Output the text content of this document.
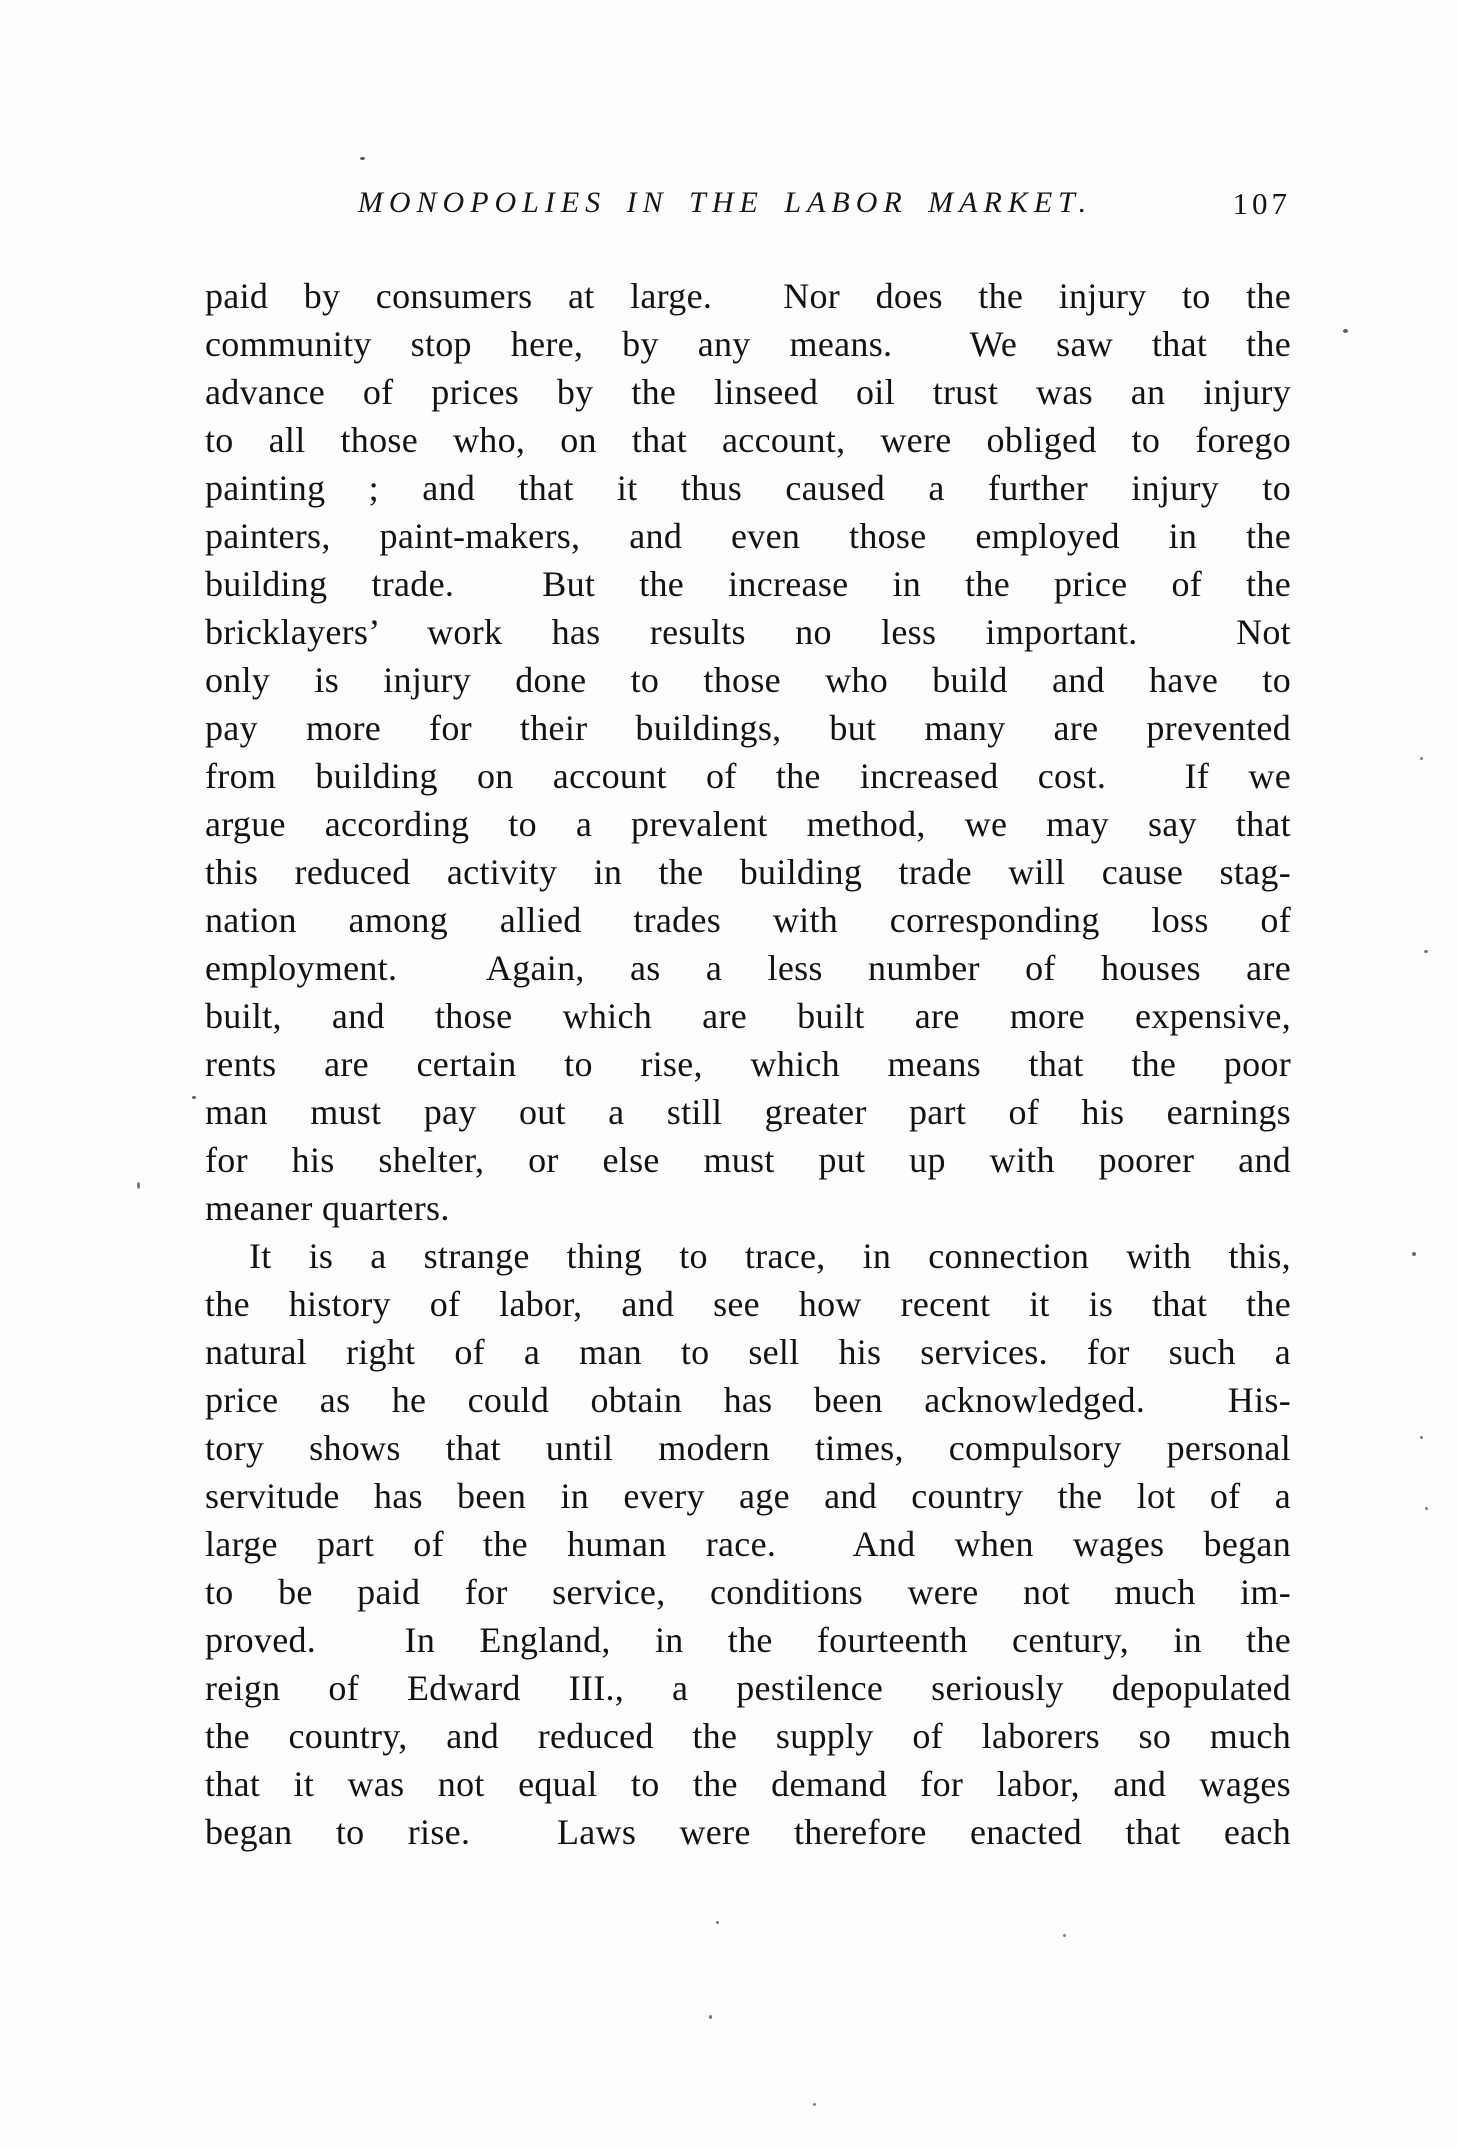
MONOPOLIES IN THE LABOR MARKET.	107
paid by consumers at large.  Nor does the injury to the
community stop here, by any means.  We saw that the
advance of prices by the linseed oil trust was an injury
to all those who, on that account, were obliged to forego
painting ; and that it thus caused a further injury to
painters, paint-makers, and even those employed in the
building trade.  But the increase in the price of the
bricklayers’ work has results no less important.  Not
only is injury done to those who build and have to
pay more for their buildings, but many are prevented
from building on account of the increased cost.  If we
argue according to a prevalent method, we may say that
this reduced activity in the building trade will cause stag-
nation among allied trades with corresponding loss of
employment.  Again, as a less number of houses are
built, and those which are built are more expensive,
rents are certain to rise, which means that the poor
man must pay out a still greater part of his earnings
for his shelter, or else must put up with poorer and
meaner quarters.
It is a strange thing to trace, in connection with this,
the history of labor, and see how recent it is that the
natural right of a man to sell his services. for such a
price as he could obtain has been acknowledged.  His-
tory shows that until modern times, compulsory personal
servitude has been in every age and country the lot of a
large part of the human race.  And when wages began
to be paid for service, conditions were not much im-
proved.  In England, in the fourteenth century, in the
reign of Edward III., a pestilence seriously depopulated
the country, and reduced the supply of laborers so much
that it was not equal to the demand for labor, and wages
began to rise.  Laws were therefore enacted that each
